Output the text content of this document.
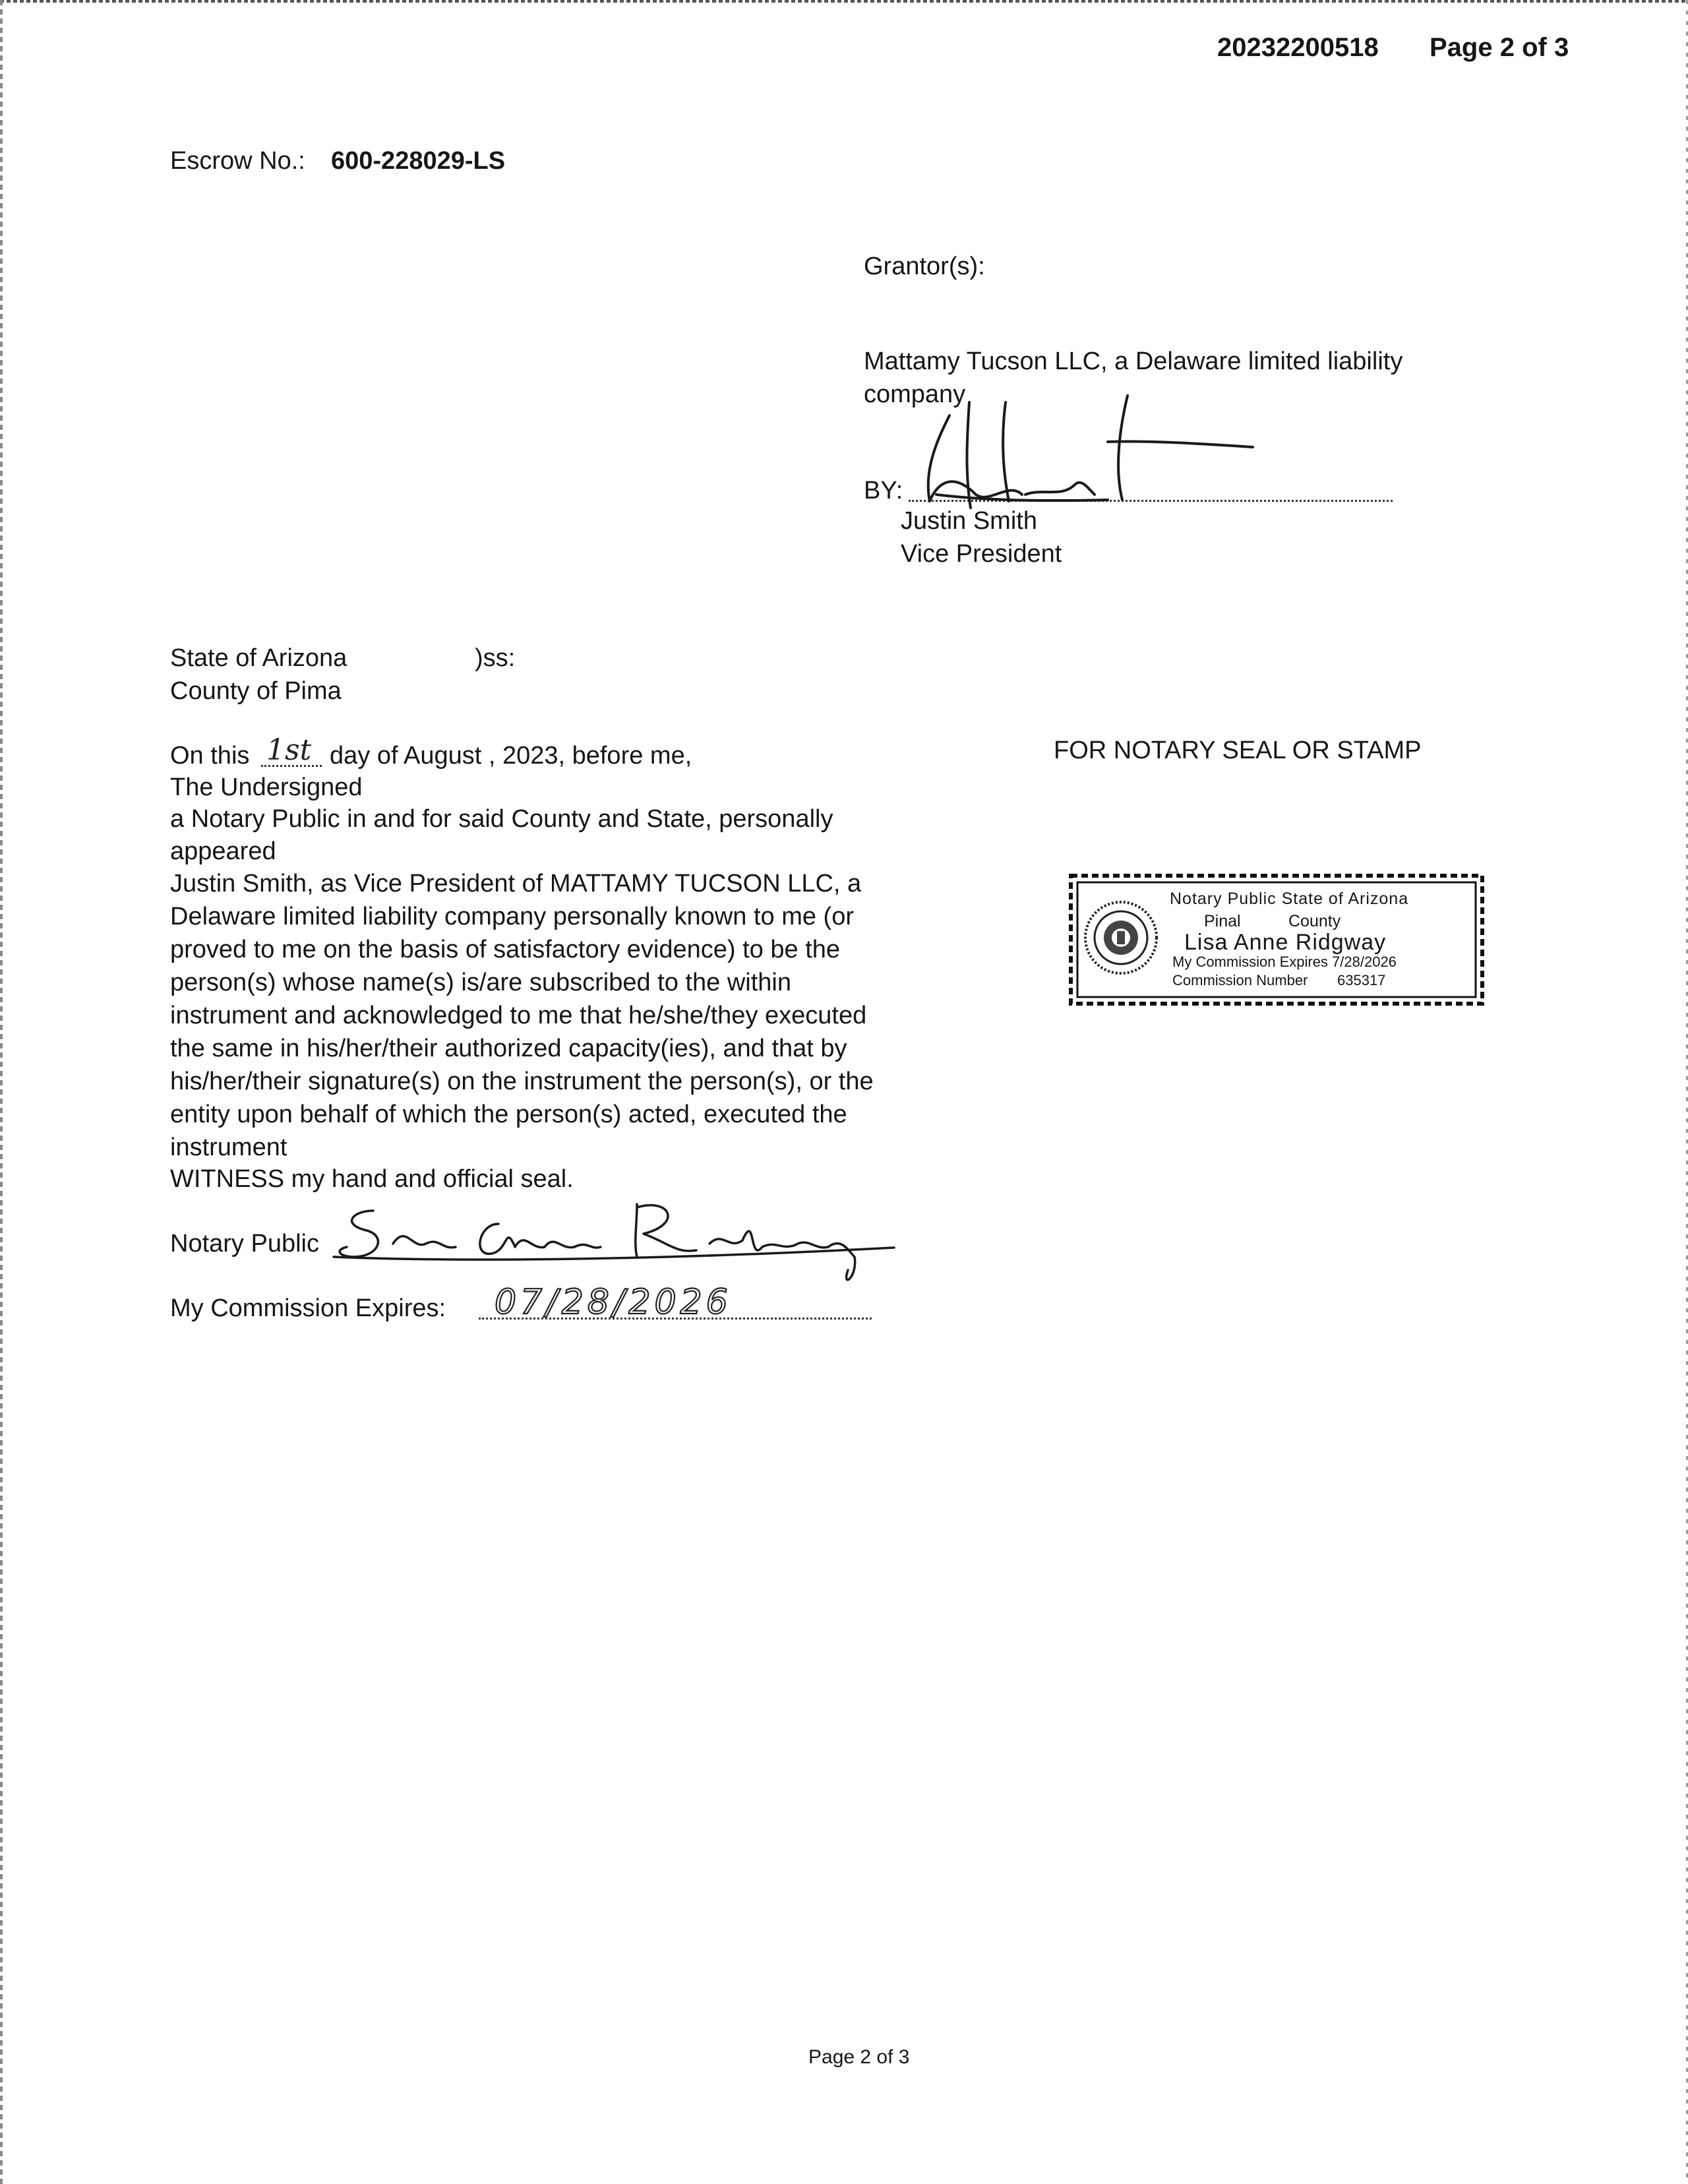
20232200518 Page 2 of 3
Escrow No.: 600-228029-LS
Grantor(s):
Mattamy Tucson LLC, a Delaware limited liability
company
BY:
Justin Smith
Vice President
State of Arizona	)ss:
County of Pima
On this 1st day of August , 2023, before me,
The Undersigned
a Notary Public in and for said County and State, personally
appeared
Justin Smith, as Vice President of MATTAMY TUCSON LLC, a
Delaware limited liability company personally known to me (or
proved to me on the basis of satisfactory evidence) to be the
person(s) whose name(s) is/are subscribed to the within
instrument and acknowledged to me that he/she/they executed
the same in his/her/their authorized capacity(ies), and that by
his/her/their signature(s) on the instrument the person(s), or the
entity upon behalf of which the person(s) acted, executed the
instrument
WITNESS my hand and official seal.
Notary Public
My Commission Expires: 07/28/2026
FOR NOTARY SEAL OR STAMP
Notary Public State of Arizona
Pinal	County
Lisa Anne Ridgway
My Commission Expires 7/28/2026
Commission Number 635317
Page 2 of 3
